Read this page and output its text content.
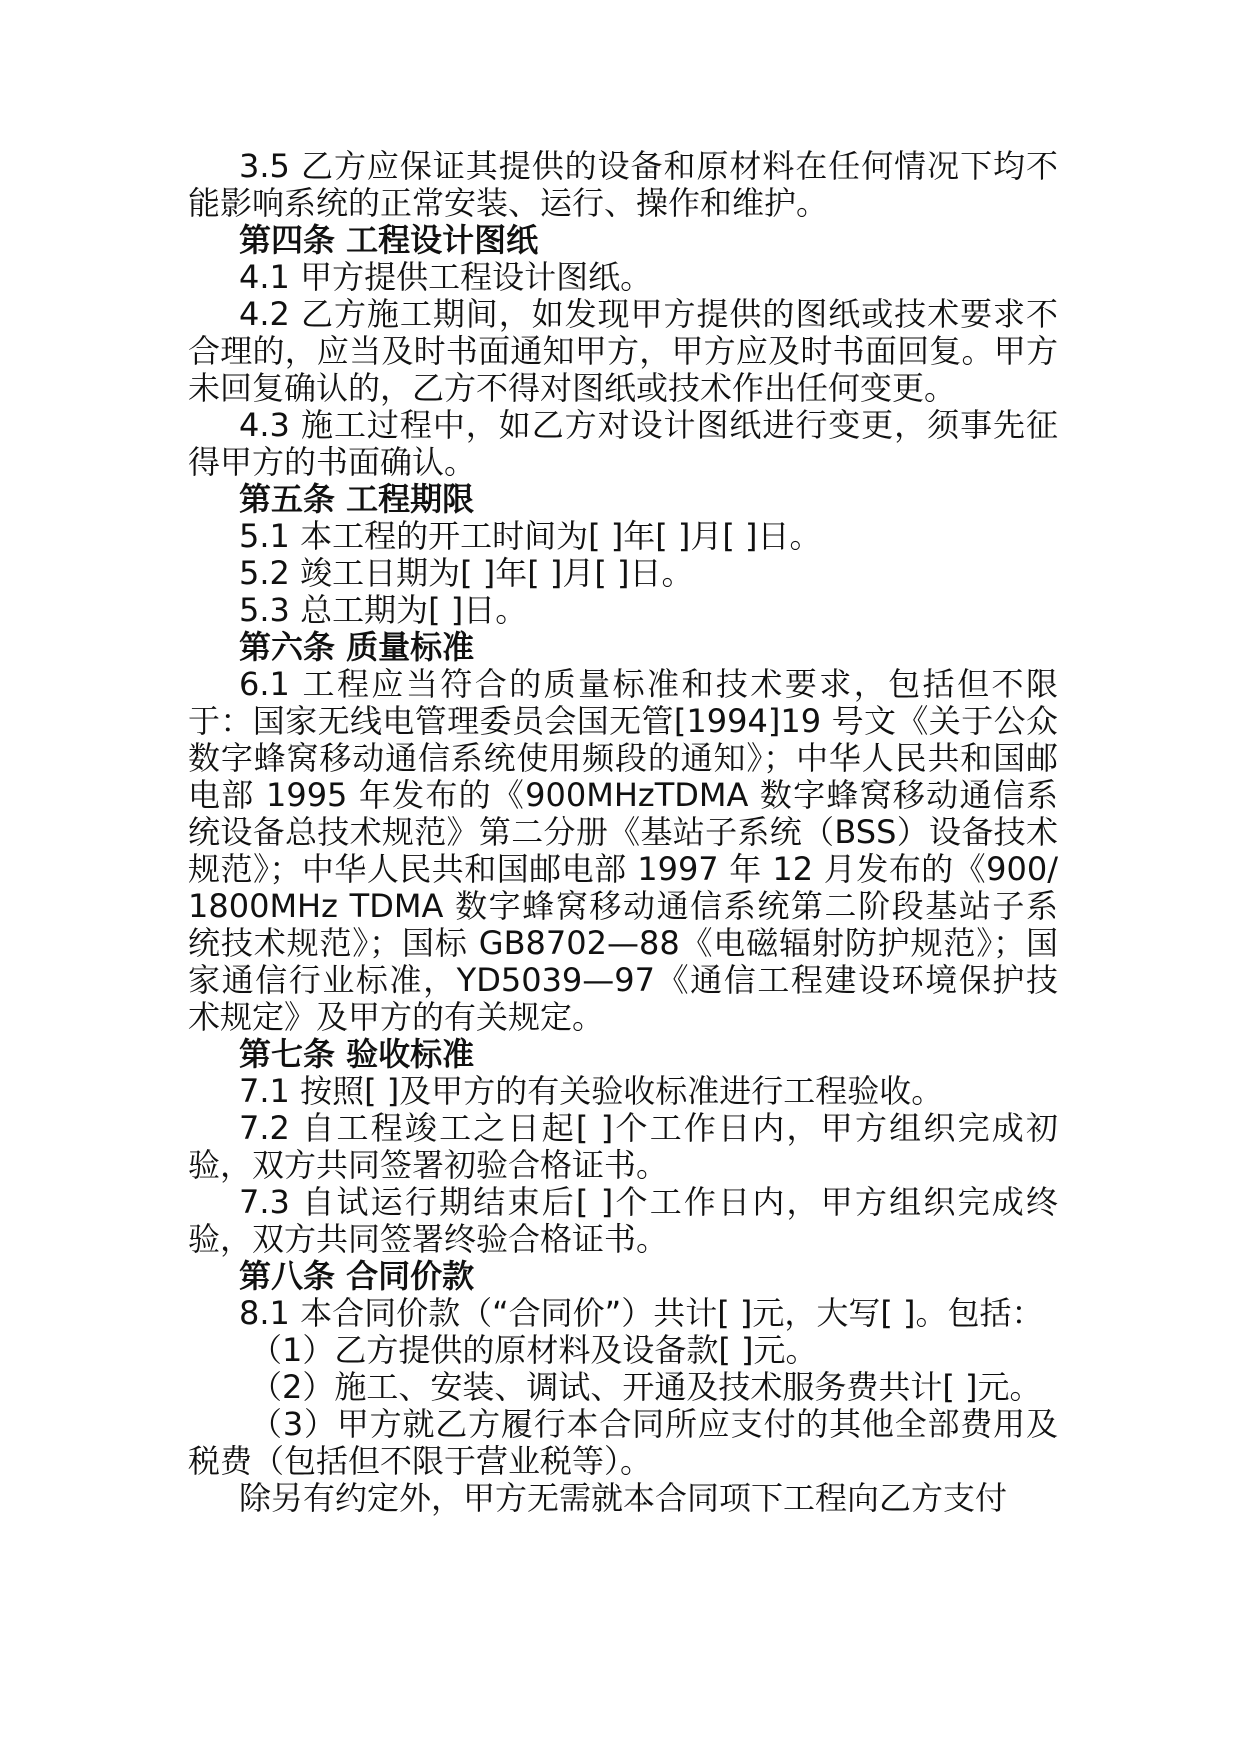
3.5 乙方应保证其提供的设备和原材料在任何情况下均不能影响系统的正常安装、运行、操作和维护。

第四条 工程设计图纸

4.1 甲方提供工程设计图纸。

4.2 乙方施工期间，如发现甲方提供的图纸或技术要求不合理的，应当及时书面通知甲方，甲方应及时书面回复。甲方未回复确认的，乙方不得对图纸或技术作出任何变更。

4.3 施工过程中，如乙方对设计图纸进行变更，须事先征得甲方的书面确认。

第五条 工程期限

5.1 本工程的开工时间为[ ]年[ ]月[ ]日。

5.2 竣工日期为[ ]年[ ]月[ ]日。

5.3 总工期为[ ]日。

第六条 质量标准

6.1 工程应当符合的质量标准和技术要求，包括但不限于：国家无线电管理委员会国无管[1994]19 号文《关于公众数字蜂窝移动通信系统使用频段的通知》；中华人民共和国邮电部 1995 年发布的《900MHzTDMA 数字蜂窝移动通信系统设备总技术规范》第二分册《基站子系统（BSS）设备技术规范》；中华人民共和国邮电部 1997 年 12 月发布的《900/1800MHz TDMA 数字蜂窝移动通信系统第二阶段基站子系统技术规范》；国标 GB8702—88《电磁辐射防护规范》；国家通信行业标准，YD5039—97《通信工程建设环境保护技术规定》及甲方的有关规定。

第七条 验收标准

7.1 按照[ ]及甲方的有关验收标准进行工程验收。

7.2 自工程竣工之日起[ ]个工作日内，甲方组织完成初验，双方共同签署初验合格证书。

7.3 自试运行期结束后[ ]个工作日内，甲方组织完成终验，双方共同签署终验合格证书。

第八条 合同价款

8.1 本合同价款（“合同价”）共计[ ]元，大写[ ]。包括：

（1）乙方提供的原材料及设备款[ ]元。

（2）施工、安装、调试、开通及技术服务费共计[ ]元。

（3）甲方就乙方履行本合同所应支付的其他全部费用及税费（包括但不限于营业税等）。

除另有约定外，甲方无需就本合同项下工程向乙方支付
